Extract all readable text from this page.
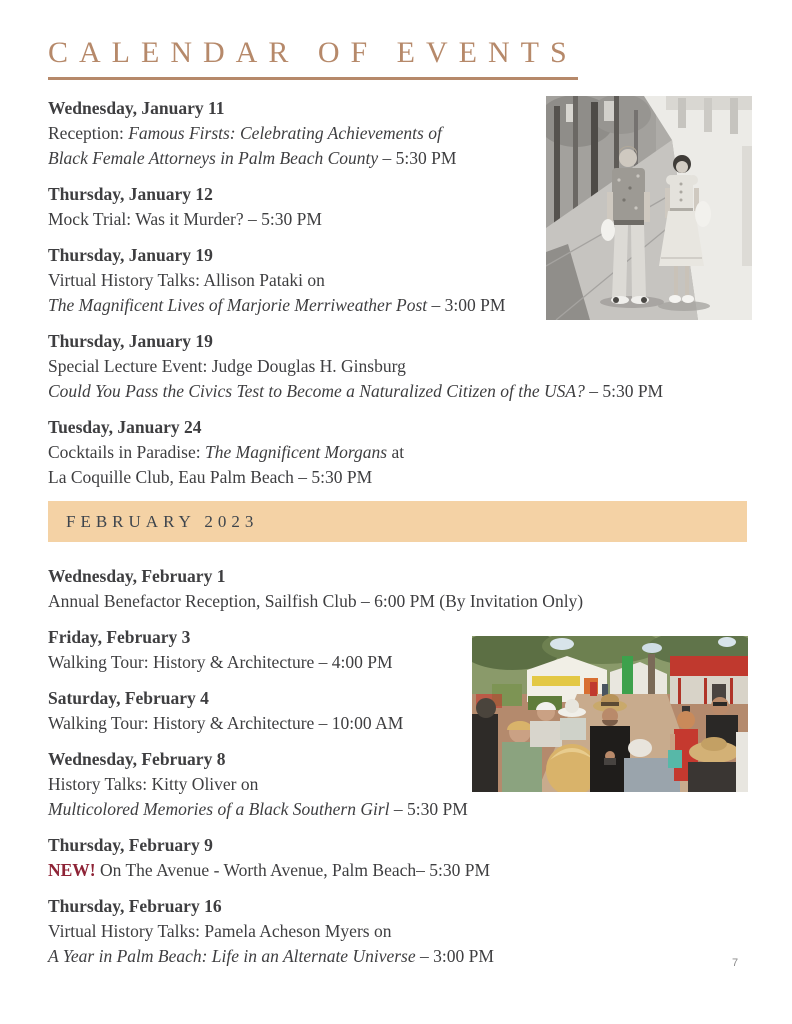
CALENDAR OF EVENTS
Wednesday, January 11
Reception: Famous Firsts: Celebrating Achievements of
Black Female Attorneys in Palm Beach County – 5:30 PM
Thursday, January 12
Mock Trial: Was it Murder? – 5:30 PM
Thursday, January 19
Virtual History Talks: Allison Pataki on
The Magnificent Lives of Marjorie Merriweather Post – 3:00 PM
Thursday, January 19
Special Lecture Event: Judge Douglas H. Ginsburg
Could You Pass the Civics Test to Become a Naturalized Citizen of the USA? – 5:30 PM
Tuesday, January 24
Cocktails in Paradise: The Magnificent Morgans at
La Coquille Club, Eau Palm Beach – 5:30 PM
FEBRUARY 2023
Wednesday, February 1
Annual Benefactor Reception, Sailfish Club – 6:00 PM (By Invitation Only)
Friday, February 3
Walking Tour: History & Architecture – 4:00 PM
Saturday, February 4
Walking Tour: History & Architecture – 10:00 AM
Wednesday, February 8
History Talks: Kitty Oliver on
Multicolored Memories of a Black Southern Girl – 5:30 PM
Thursday, February 9
NEW! On The Avenue - Worth Avenue, Palm Beach– 5:30 PM
Thursday, February 16
Virtual History Talks: Pamela Acheson Myers on
A Year in Palm Beach: Life in an Alternate Universe – 3:00 PM	7
